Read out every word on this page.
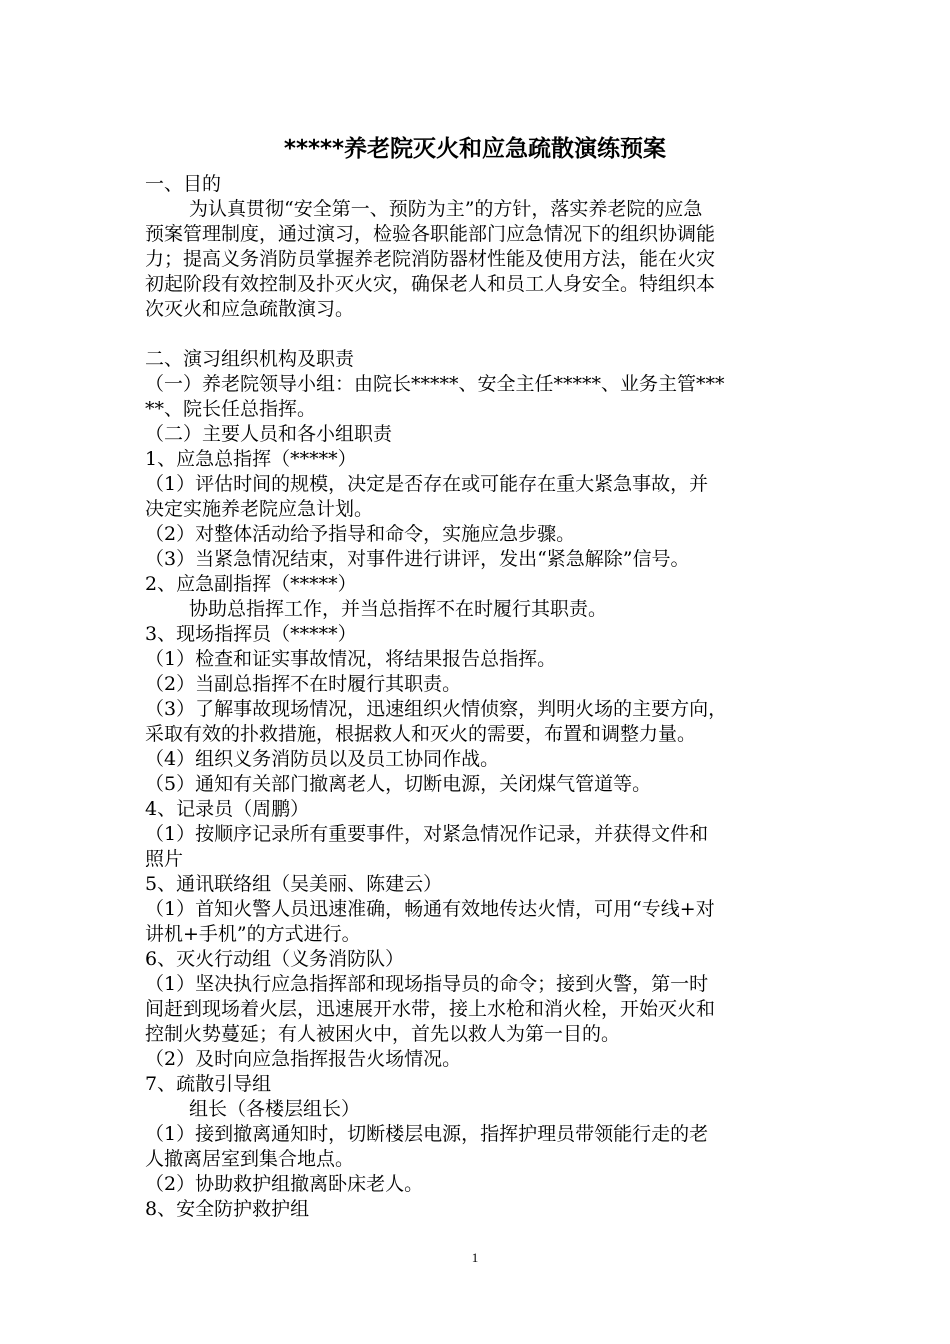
*****养老院灭火和应急疏散演练预案
一、目的
为认真贯彻“安全第一、预防为主”的方针，落实养老院的应急
预案管理制度，通过演习，检验各职能部门应急情况下的组织协调能
力；提高义务消防员掌握养老院消防器材性能及使用方法，能在火灾
初起阶段有效控制及扑灭火灾，确保老人和员工人身安全。特组织本
次灭火和应急疏散演习。
二、演习组织机构及职责
（一）养老院领导小组：由院长*****、安全主任*****、业务主管***
**、院长任总指挥。
（二）主要人员和各小组职责
1、应急总指挥（*****）
（1）评估时间的规模，决定是否存在或可能存在重大紧急事故，并
决定实施养老院应急计划。
（2）对整体活动给予指导和命令，实施应急步骤。
（3）当紧急情况结束，对事件进行讲评，发出“紧急解除”信号。
2、应急副指挥（*****）
协助总指挥工作，并当总指挥不在时履行其职责。
3、现场指挥员（*****）
（1）检查和证实事故情况，将结果报告总指挥。
（2）当副总指挥不在时履行其职责。
（3）了解事故现场情况，迅速组织火情侦察，判明火场的主要方向，
采取有效的扑救措施，根据救人和灭火的需要，布置和调整力量。
（4）组织义务消防员以及员工协同作战。
（5）通知有关部门撤离老人，切断电源，关闭煤气管道等。
4、记录员（周鹏）
（1）按顺序记录所有重要事件，对紧急情况作记录，并获得文件和
照片
5、通讯联络组（吴美丽、陈建云）
（1）首知火警人员迅速准确，畅通有效地传达火情，可用“专线+对
讲机+手机”的方式进行。
6、灭火行动组（义务消防队）
（1）坚决执行应急指挥部和现场指导员的命令；接到火警，第一时
间赶到现场着火层，迅速展开水带，接上水枪和消火栓，开始灭火和
控制火势蔓延；有人被困火中，首先以救人为第一目的。
（2）及时向应急指挥报告火场情况。
7、疏散引导组
组长（各楼层组长）
（1）接到撤离通知时，切断楼层电源，指挥护理员带领能行走的老
人撤离居室到集合地点。
（2）协助救护组撤离卧床老人。
8、安全防护救护组
1
